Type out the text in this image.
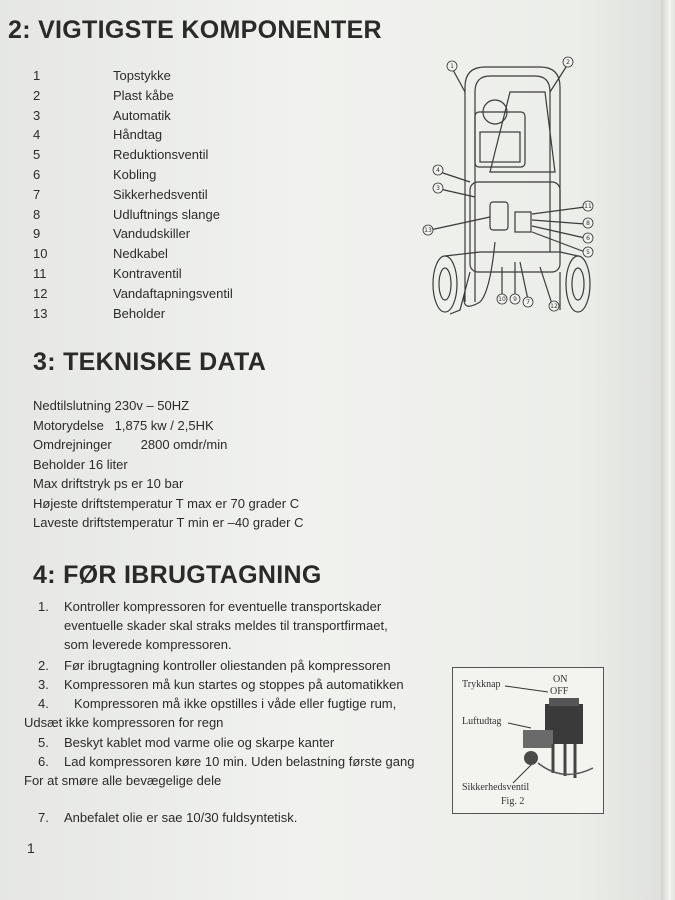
2: VIGTIGSTE KOMPONENTER
1	Topstykke
2	Plast kåbe
3	Automatik
4	Håndtag
5	Reduktionsventil
6	Kobling
7	Sikkerhedsventil
8	Udluftnings slange
9	Vandudskiller
10	Nedkabel
11	Kontraventil
12	Vandaftapningsventil
13	Beholder
1
2
4
3
13
11
8
6
5
10 9 7
12
3: TEKNISKE DATA
Nedtilslutning 230v – 50HZ
Motorydelse   1,875 kw / 2,5HK
Omdrejninger        2800 omdr/min
Beholder 16 liter
Max driftstryk ps er 10 bar
Højeste driftstemperatur T max er 70 grader C
Laveste driftstemperatur T min er –40 grader C
4: FØR IBRUGTAGNING
1. Kontroller kompressoren for eventuelle transportskader
eventuelle skader skal straks meldes til transportfirmaet,
som leverede kompressoren.
2. Før ibrugtagning kontroller oliestanden på kompressoren
3. Kompressoren må kun startes og stoppes på automatikken
4. Kompressoren må ikke opstilles i våde eller fugtige rum,
Udsæt ikke kompressoren for regn
5. Beskyt kablet mod varme olie og skarpe kanter
6. Lad kompressoren køre 10 min. Uden belastning første gang
For at smøre alle bevægelige dele
7. Anbefalet olie er sae 10/30 fuldsyntetisk.
Trykknap	ON
OFF
Luftudtag
Sikkerhedsventil
Fig. 2
1
